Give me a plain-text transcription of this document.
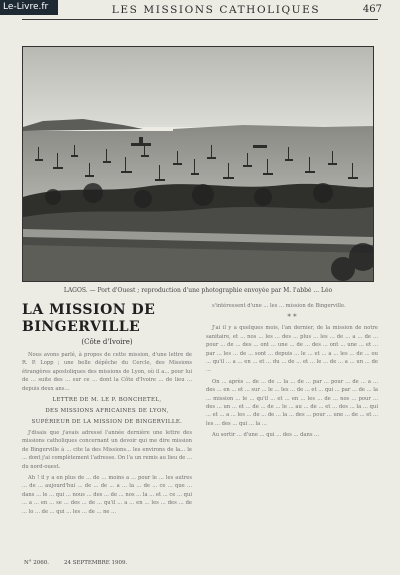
Le-Livre.fr	LES MISSIONS CATHOLIQUES	467
LAGOS. — Port d'Ouest ; reproduction d'une photographie envoyée par M. l'abbé ... Léo
LA MISSION DE BINGERVILLE
(Côte d'Ivoire)

Nous avons parlé, à propos de cette mission, d'une lettre de R. P. Lopp ; une belle dépêche du Cercle, des Missions étrangères apostoliques des missions de Lyon, où il a... pour lui de ... suite des ... sur ce ... dont la Côte d'Ivoire ... de lieu ... depuis deux ans...

LETTRE DE M. LE P. BONCHETEL,
DES MISSIONS AFRICAINES DE LYON,
SUPÉRIEUR DE LA MISSION DE BINGERVILLE.

J'disais que j'avais adressé l'année dernière une lettre des missions catholiques concernant un devoir qui me dire mission de Bingerville à ... cite la des Missions... les environs de la... le ... dont j'ai complètement l'adresse. On l'a un remis au lieu de ... du nord-ouest.

Ah ! il y a en plus de ... de ... moins a ... pour le ... les autres ... de ... aujourd'hui ... de ... de ... a ... la ... de ... ce ... que ... dans ... le ... qui ... nous ... des ... de ... nos ... la ... et ... ce ... qui ... a ... en ... se ... des ... de ... qu'il ... a ... en ... les ... des ... de ... lo ... de ... qui ... les ... de ... ne ...

s'intéressent d'une ... les ... mission de Bingerville.

* *

J'ai il y a quelques mois, l'an dernier, de la mission de notre sanitaire, et ... nos ... les ... des ... plus ... les ... de ... a ... de ... pour ... de ... des ... ont ... une ... de ... des ... ont ... une ... et ... par ... les ... de ... sont ... depuis ... le ... et ... a ... les ... de ... ou ... qu'il ... a ... en ... et ... du ... de ... et ... le ... de ... a ... un ... de ...

On ... après ... de ... de ... la ... de ... par ... pour ... de ... a ... des ... en ... et ... sur ... le ... les ... de ... et ... qui ... par ... de ... la ... mission ... le ... qu'il ... et ... en ... les ... de ... nos ... pour ... des ... un ... et ... de ... de ... le ... au ... de ... et ... des ... la ... qui ... et ... a ... les ... de ... de ... la ... des ... pour ... une ... de ... et ... les ... des ... qui ... la ...

Au sortir ... d'une ... qui ... des ... dans ...

N° 2060.	24 SEPTEMBRE 1909.
